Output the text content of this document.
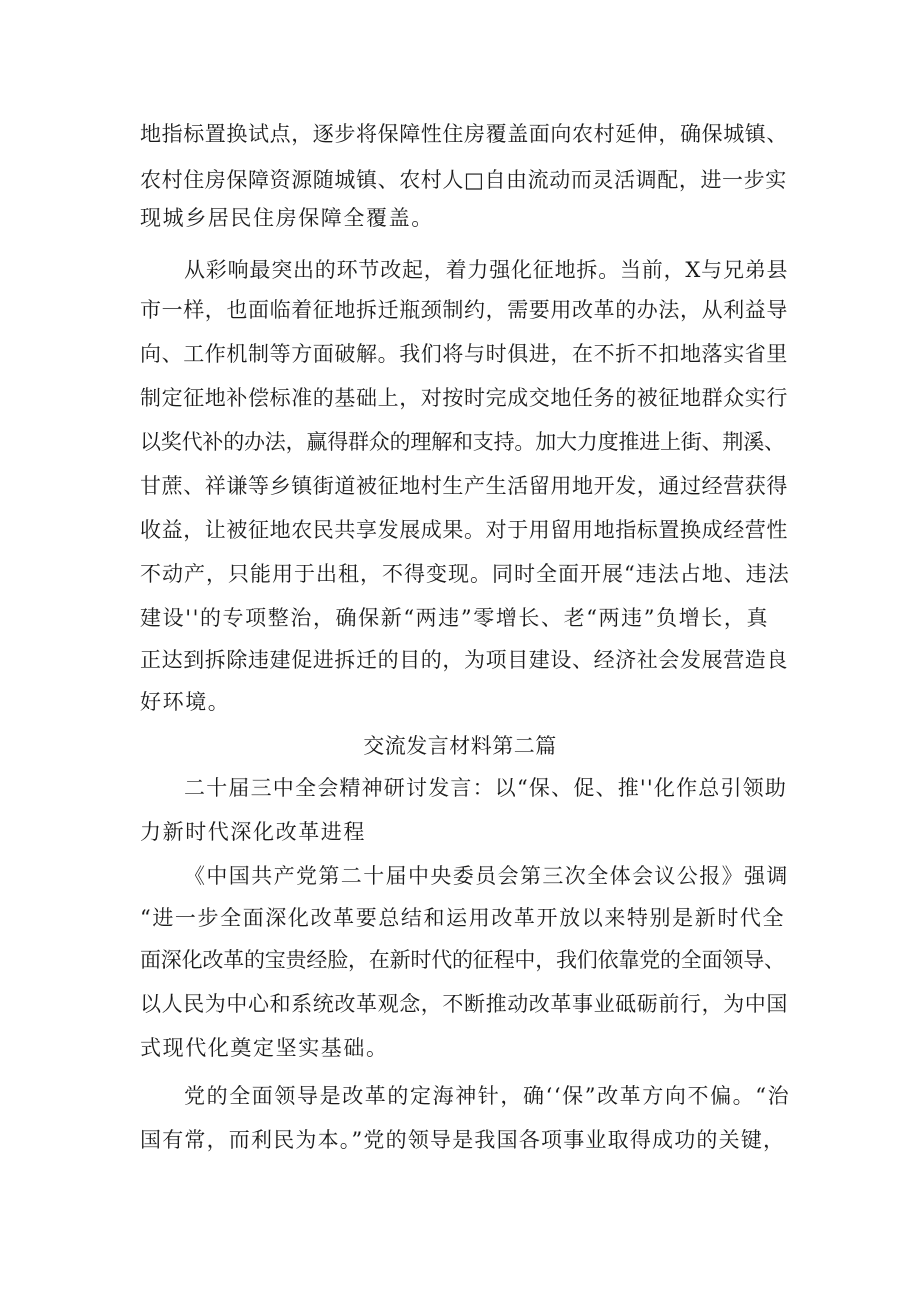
地指标置换试点，逐步将保障性住房覆盖面向农村延伸，确保城镇、
农村住房保障资源随城镇、农村人□自由流动而灵活调配，进一步实
现城乡居民住房保障全覆盖。
从彩响最突出的环节改起，着力强化征地拆。当前，X与兄弟县
市一样，也面临着征地拆迁瓶颈制约，需要用改革的办法，从利益导
向、工作机制等方面破解。我们将与时俱进，在不折不扣地落实省里
制定征地补偿标准的基础上，对按时完成交地任务的被征地群众实行
以奖代补的办法，赢得群众的理解和支持。加大力度推进上街、荆溪、
甘蔗、祥谦等乡镇街道被征地村生产生活留用地开发，通过经营获得
收益，让被征地农民共享发展成果。对于用留用地指标置换成经营性
不动产，只能用于出租，不得变现。同时全面开展“违法占地、违法
建设''的专项整治，确保新“两违”零增长、老“两违”负增长，真
正达到拆除违建促进拆迁的目的，为项目建设、经济社会发展营造良
好环境。
交流发言材料第二篇
二十届三中全会精神研讨发言：以“保、促、推''化作总引领助
力新时代深化改革进程
《中国共产党第二十届中央委员会第三次全体会议公报》强调
“进一步全面深化改革要总结和运用改革开放以来特别是新时代全
面深化改革的宝贵经脸，在新时代的征程中，我们依靠党的全面领导、
以人民为中心和系统改革观念，不断推动改革事业砥砺前行，为中国
式现代化奠定坚实基础。
党的全面领导是改革的定海神针，确‘‘保”改革方向不偏。“治
国有常，而利民为本。”党的领导是我国各项事业取得成功的关键，
